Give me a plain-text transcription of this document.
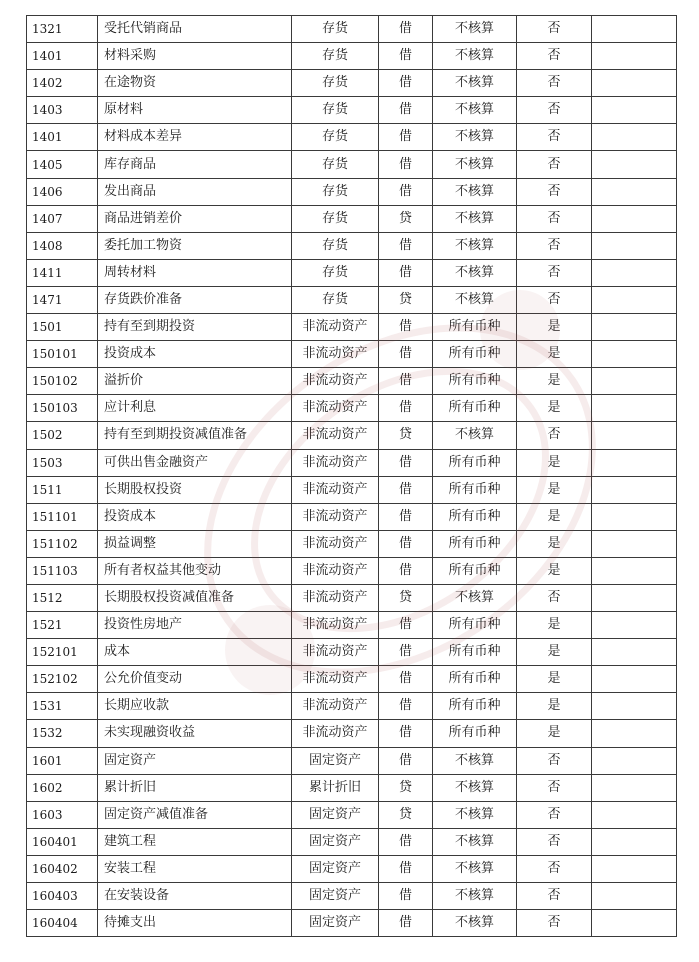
1321	受托代销商品	存货	借	不核算	否	
1401	材料采购	存货	借	不核算	否	
1402	在途物资	存货	借	不核算	否	
1403	原材料	存货	借	不核算	否	
1401	材料成本差异	存货	借	不核算	否	
1405	库存商品	存货	借	不核算	否	
1406	发出商品	存货	借	不核算	否	
1407	商品进销差价	存货	贷	不核算	否	
1408	委托加工物资	存货	借	不核算	否	
1411	周转材料	存货	借	不核算	否	
1471	存货跌价准备	存货	贷	不核算	否	
1501	持有至到期投资	非流动资产	借	所有币种	是	
150101	投资成本	非流动资产	借	所有币种	是	
150102	溢折价	非流动资产	借	所有币种	是	
150103	应计利息	非流动资产	借	所有币种	是	
1502	持有至到期投资减值准备	非流动资产	贷	不核算	否	
1503	可供出售金融资产	非流动资产	借	所有币种	是	
1511	长期股权投资	非流动资产	借	所有币种	是	
151101	投资成本	非流动资产	借	所有币种	是	
151102	损益调整	非流动资产	借	所有币种	是	
151103	所有者权益其他变动	非流动资产	借	所有币种	是	
1512	长期股权投资减值准备	非流动资产	贷	不核算	否	
1521	投资性房地产	非流动资产	借	所有币种	是	
152101	成本	非流动资产	借	所有币种	是	
152102	公允价值变动	非流动资产	借	所有币种	是	
1531	长期应收款	非流动资产	借	所有币种	是	
1532	未实现融资收益	非流动资产	借	所有币种	是	
1601	固定资产	固定资产	借	不核算	否	
1602	累计折旧	累计折旧	贷	不核算	否	
1603	固定资产减值准备	固定资产	贷	不核算	否	
160401	建筑工程	固定资产	借	不核算	否	
160402	安装工程	固定资产	借	不核算	否	
160403	在安装设备	固定资产	借	不核算	否	
160404	待摊支出	固定资产	借	不核算	否	
